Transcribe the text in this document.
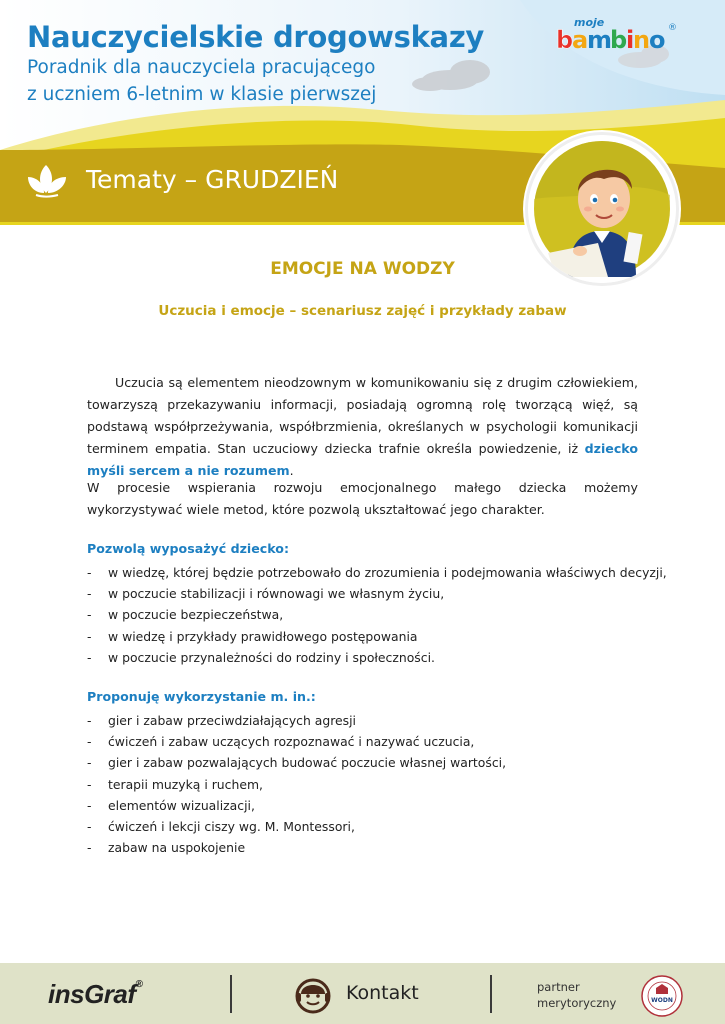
Nauczycielskie drogowskazy
Poradnik dla nauczyciela pracującego
z uczniem 6-letnim w klasie pierwszej
moje
b
a
m
b
i
n
o ®
Tematy – GRUDZIEŃ
EMOCJE NA WODZY
Uczucia i emocje – scenariusz zajęć i przykłady zabaw
Uczucia są elementem nieodzownym w komunikowaniu się z drugim człowiekiem, towarzyszą przekazywaniu informacji, posiadają ogromną rolę tworzącą więź, są podstawą współprzeżywania, współbrzmienia, określanych w psychologii komunikacji terminem empatia. Stan uczuciowy dziecka trafnie określa powiedzenie, iż dziecko myśli sercem a nie rozumem.
W procesie wspierania rozwoju emocjonalnego małego dziecka możemy wykorzystywać wiele metod, które pozwolą ukształtować jego charakter.
Pozwolą wyposażyć dziecko:
- w wiedzę, której będzie potrzebowało do zrozumienia i podejmowania właściwych decyzji,
- w poczucie stabilizacji i równowagi we własnym życiu,
- w poczucie bezpieczeństwa,
- w wiedzę i przykłady prawidłowego postępowania
- w poczucie przynależności do rodziny i społeczności.
Proponuję wykorzystanie m. in.:
- gier i zabaw przeciwdziałających agresji
- ćwiczeń i zabaw uczących rozpoznawać i nazywać uczucia,
- gier i zabaw pozwalających budować poczucie własnej wartości,
- terapii muzyką i ruchem,
- elementów wizualizacji,
- ćwiczeń i lekcji ciszy wg. M. Montessori,
- zabaw na uspokojenie
insGraf®	Kontakt	partner
merytoryczny	WODN
